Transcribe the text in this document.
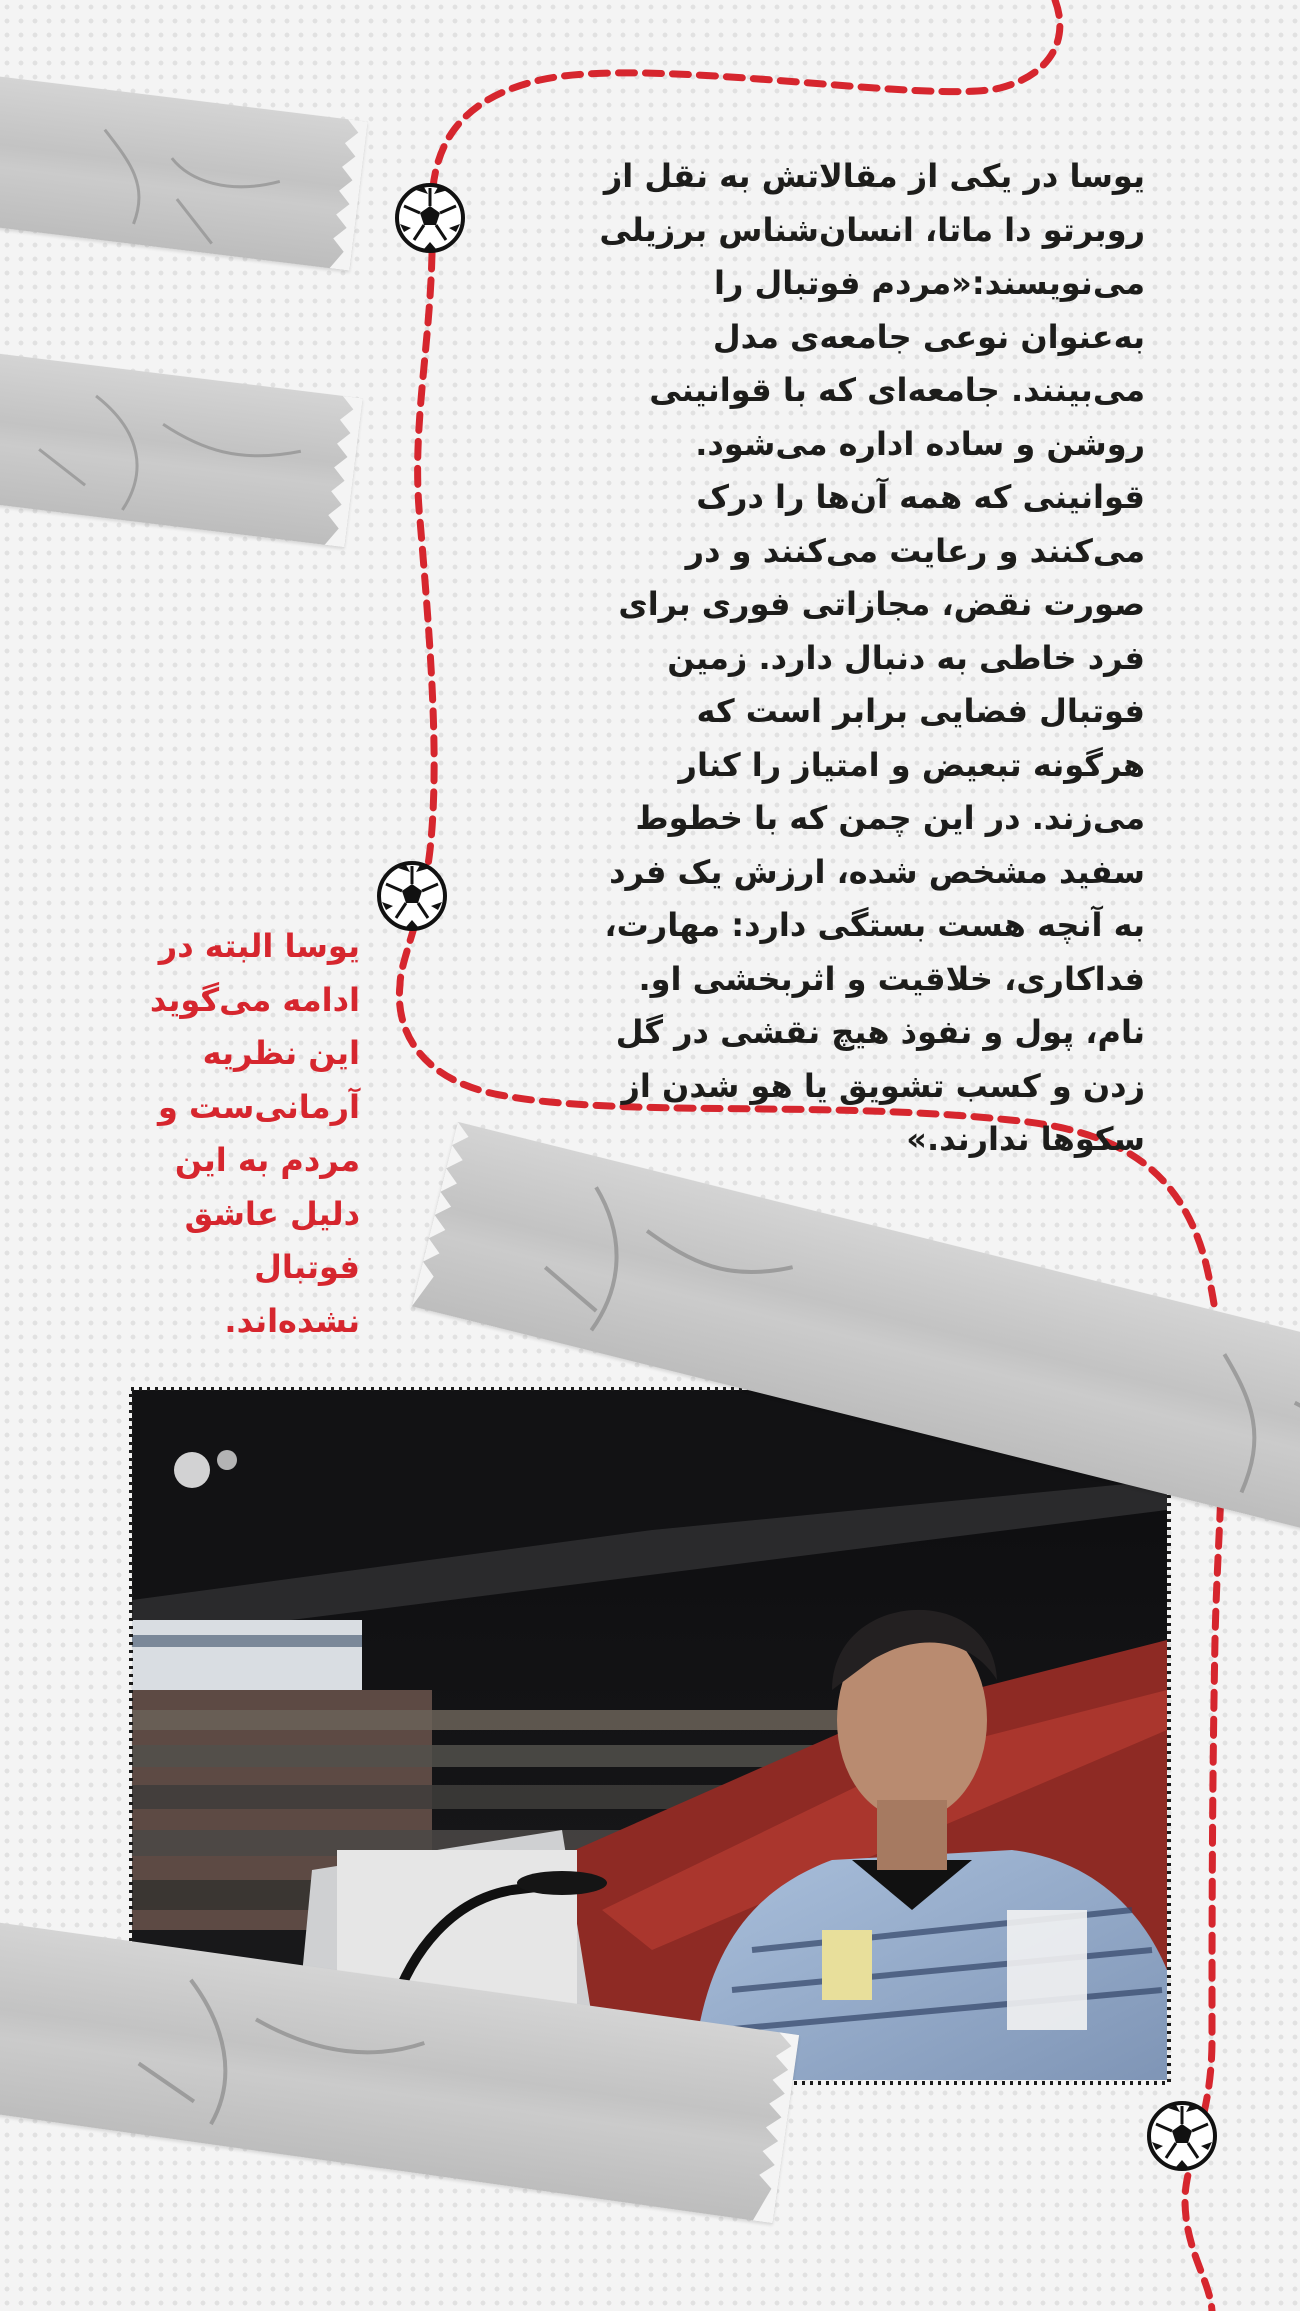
یوسا در یکی از مقالاتش به نقل از روبرتو دا ماتا، انسان‌شناس برزیلی می‌نویسند:«مردم فوتبال را به‌عنوان نوعی جامعه‌ی مدل می‌بینند. جامعه‌ای که با قوانینی روشن و ساده اداره می‌شود. قوانینی که همه آن‌ها را درک می‌کنند و رعایت می‌کنند و در صورت نقض، مجازاتی فوری برای فرد خاطی به دنبال دارد. زمین فوتبال فضایی برابر است که هرگونه تبعیض و امتیاز را کنار می‌زند. در این چمن که با خطوط سفید مشخص شده، ارزش یک فرد به آنچه هست بستگی دارد: مهارت، فداکاری، خلاقیت و اثربخشی او. نام، پول و نفوذ هیچ نقشی در گل زدن و کسب تشویق یا هو شدن از سکوها ندارند.»
یوسا البته در ادامه می‌گوید این نظریه آرمانی‌ست و مردم به این دلیل عاشق فوتبال نشده‌اند.
